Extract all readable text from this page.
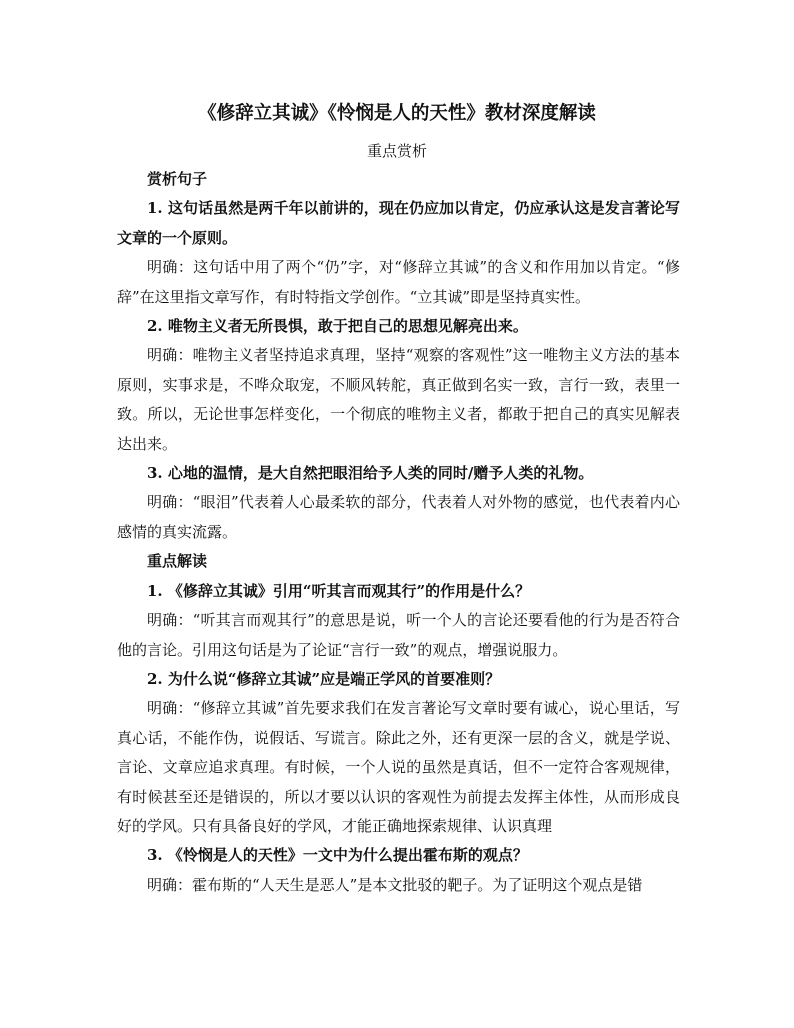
《修辞立其诚》《怜悯是人的天性》教材深度解读
重点赏析

赏析句子

1. 这句话虽然是两千年以前讲的，现在仍应加以肯定，仍应承认这是发言著论写文章的一个原则。

明确：这句话中用了两个“仍”字，对“修辞立其诚”的含义和作用加以肯定。“修辞”在这里指文章写作，有时特指文学创作。“立其诚”即是坚持真实性。

2. 唯物主义者无所畏惧，敢于把自己的思想见解亮出来。

明确：唯物主义者坚持追求真理，坚持“观察的客观性”这一唯物主义方法的基本原则，实事求是，不哗众取宠，不顺风转舵，真正做到名实一致，言行一致，表里一致。所以，无论世事怎样变化，一个彻底的唯物主义者，都敢于把自己的真实见解表达出来。

3. 心地的温情，是大自然把眼泪给予人类的同时/赠予人类的礼物。

明确：“眼泪”代表着人心最柔软的部分，代表着人对外物的感觉，也代表着内心感情的真实流露。

重点解读

1. 《修辞立其诚》引用“听其言而观其行”的作用是什么？

明确：“听其言而观其行”的意思是说，听一个人的言论还要看他的行为是否符合他的言论。引用这句话是为了论证“言行一致”的观点，增强说服力。

2. 为什么说“修辞立其诚”应是端正学风的首要准则？

明确：“修辞立其诚”首先要求我们在发言著论写文章时要有诚心，说心里话，写真心话，不能作伪，说假话、写谎言。除此之外，还有更深一层的含义，就是学说、言论、文章应追求真理。有时候，一个人说的虽然是真话，但不一定符合客观规律，有时候甚至还是错误的，所以才要以认识的客观性为前提去发挥主体性，从而形成良好的学风。只有具备良好的学风，才能正确地探索规律、认识真理

3. 《怜悯是人的天性》一文中为什么提出霍布斯的观点？

明确：霍布斯的“人天生是恶人”是本文批驳的靶子。为了证明这个观点是错
